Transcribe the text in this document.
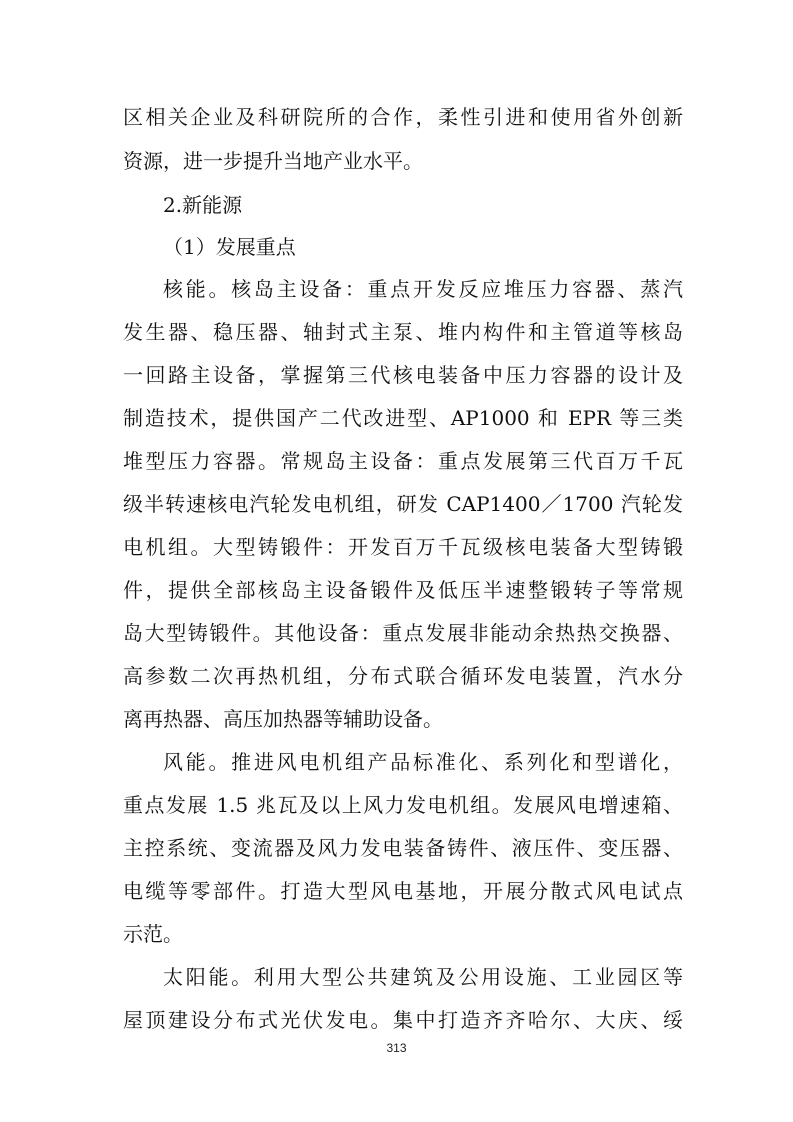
区相关企业及科研院所的合作，柔性引进和使用省外创新
资源，进一步提升当地产业水平。
2.新能源
（1）发展重点
核能。核岛主设备：重点开发反应堆压力容器、蒸汽
发生器、稳压器、轴封式主泵、堆内构件和主管道等核岛
一回路主设备，掌握第三代核电装备中压力容器的设计及
制造技术，提供国产二代改进型、AP1000 和 EPR 等三类
堆型压力容器。常规岛主设备：重点发展第三代百万千瓦
级半转速核电汽轮发电机组，研发 CAP1400／1700 汽轮发
电机组。大型铸锻件：开发百万千瓦级核电装备大型铸锻
件，提供全部核岛主设备锻件及低压半速整锻转子等常规
岛大型铸锻件。其他设备：重点发展非能动余热热交换器、
高参数二次再热机组，分布式联合循环发电装置，汽水分
离再热器、高压加热器等辅助设备。
风能。推进风电机组产品标准化、系列化和型谱化，
重点发展 1.5 兆瓦及以上风力发电机组。发展风电增速箱、
主控系统、变流器及风力发电装备铸件、液压件、变压器、
电缆等零部件。打造大型风电基地，开展分散式风电试点
示范。
太阳能。利用大型公共建筑及公用设施、工业园区等
屋顶建设分布式光伏发电。集中打造齐齐哈尔、大庆、绥
313
